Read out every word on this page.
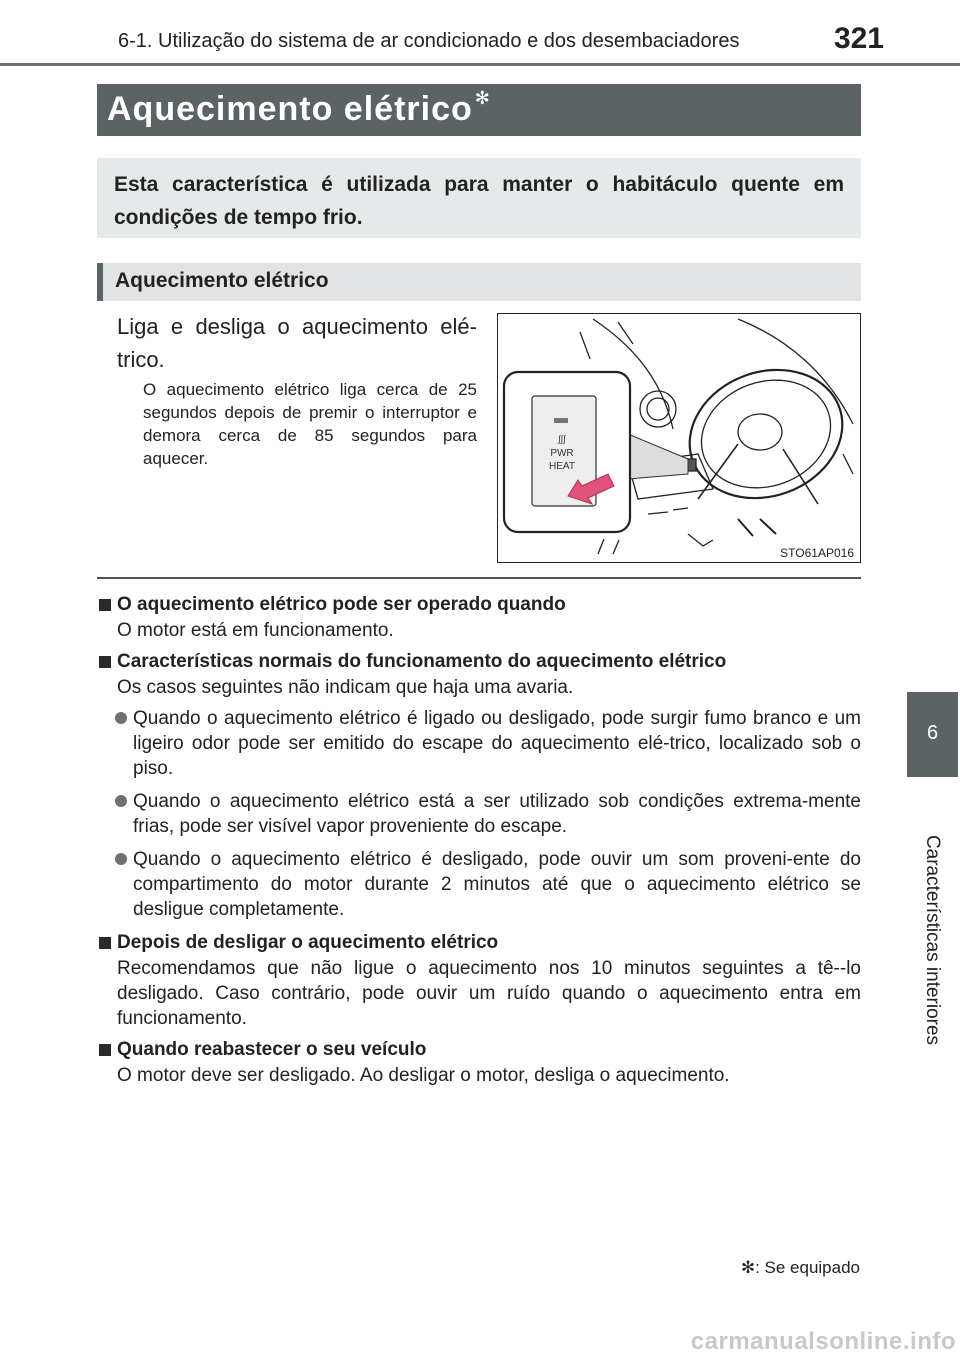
6-1. Utilização do sistema de ar condicionado e dos desembaciadores	321
Aquecimento elétrico ✻
Esta característica é utilizada para manter o habitáculo quente em condições de tempo frio.
Aquecimento elétrico
Liga e desliga o aquecimento elé-trico.
O aquecimento elétrico liga cerca de 25 segundos depois de premir o interruptor e demora cerca de 85 segundos para aquecer.
∫∫∫
PWR
HEAT
STO61AP016
O aquecimento elétrico pode ser operado quando
O motor está em funcionamento.
Características normais do funcionamento do aquecimento elétrico
Os casos seguintes não indicam que haja uma avaria.
Quando o aquecimento elétrico é ligado ou desligado, pode surgir fumo branco e um ligeiro odor pode ser emitido do escape do aquecimento elé-trico, localizado sob o piso.
Quando o aquecimento elétrico está a ser utilizado sob condições extrema-mente frias, pode ser visível vapor proveniente do escape.
Quando o aquecimento elétrico é desligado, pode ouvir um som proveni-ente do compartimento do motor durante 2 minutos até que o aquecimento elétrico se desligue completamente.
Depois de desligar o aquecimento elétrico
Recomendamos que não ligue o aquecimento nos 10 minutos seguintes a tê--lo desligado. Caso contrário, pode ouvir um ruído quando o aquecimento entra em funcionamento.
Quando reabastecer o seu veículo
O motor deve ser desligado. Ao desligar o motor, desliga o aquecimento.
✻: Se equipado
6
Características interiores
carmanualsonline.info
